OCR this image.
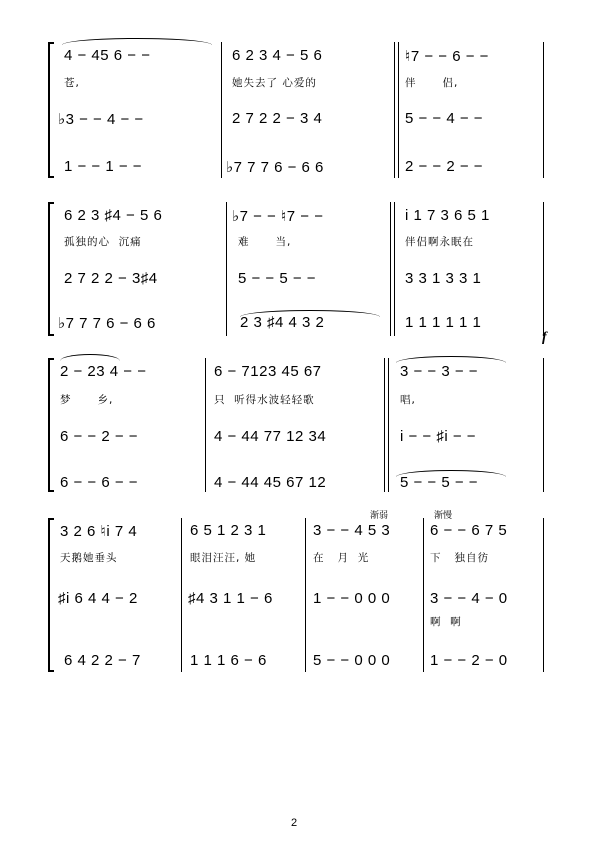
4 − 45 6 − −	6 2 3 4 − 5 6	♮7 − − 6 − −
苍,	她失去了 心爱的	伴      侣,
♭3 − − 4 − −	2 7 2 2 − 3 4	5 − − 4 − −
1 − − 1 − −	♭7 7 7 6 − 6 6	2 − − 2 − −
6 2 3 ♯4 − 5 6	♭7 − − ♮7 − −	i 1 7 3 6 5 1
孤独的心  沉痛	难      当,	伴侣啊永眠在
2 7 2 2 − 3♯4	5 − − 5 − −	3 3 1 3 3 1
♭7 7 7 6 − 6 6	2 3 ♯4 4 3 2	1 1 1 1 1 1
f
2 − 23 4 − −	6 − 7123 45 67	3 − − 3 − −
梦      乡,	只  听得水波轻轻歌	唱,
6 − − 2 − −	4 − 44 77 12 34	i − − ♯i − −
6 − − 6 − −	4 − 44 45 67 12	5 − − 5 − −
渐弱	渐慢
3 2 6 ♮i 7 4	6 5 1 2 3 1	3 − − 4 5 3	6 − − 6 7 5
天鹅她垂头	眼泪汪汪, 她	在   月  光	下   独自彷
♯i 6 4 4 − 2	♯4 3 1 1 − 6	1 − − 0 0 0	3 − − 4 − 0
啊  啊
6 4 2 2 − 7	1 1 1 6 − 6	5 − − 0 0 0	1 − − 2 − 0
2
